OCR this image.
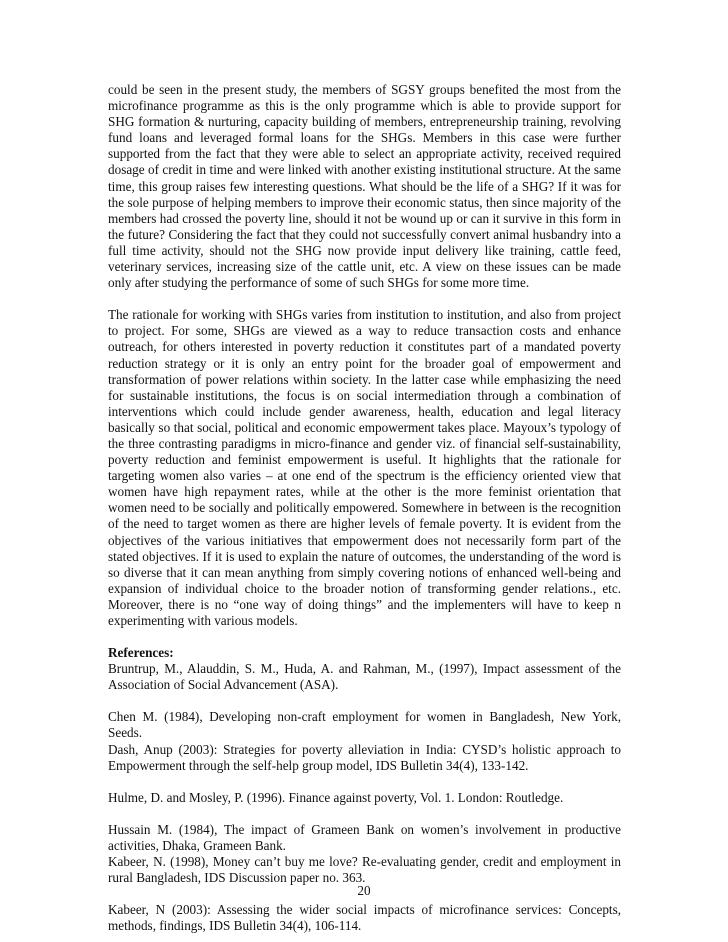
could be seen in the present study, the members of SGSY groups benefited the most from the microfinance programme as this is the only programme which is able to provide support for SHG formation & nurturing, capacity building of members, entrepreneurship training, revolving fund loans and leveraged formal loans for the SHGs. Members in this case were further supported from the fact that they were able to select an appropriate activity, received required dosage of credit in time and were linked with another existing institutional structure. At the same time, this group raises few interesting questions. What should be the life of a SHG? If it was for the sole purpose of helping members to improve their economic status, then since majority of the members had crossed the poverty line, should it not be wound up or can it survive in this form in the future? Considering the fact that they could not successfully convert animal husbandry into a full time activity, should not the SHG now provide input delivery like training, cattle feed, veterinary services, increasing size of the cattle unit, etc. A view on these issues can be made only after studying the performance of some of such SHGs for some more time.

The rationale for working with SHGs varies from institution to institution, and also from project to project. For some, SHGs are viewed as a way to reduce transaction costs and enhance outreach, for others interested in poverty reduction it constitutes part of a mandated poverty reduction strategy or it is only an entry point for the broader goal of empowerment and transformation of power relations within society. In the latter case while emphasizing the need for sustainable institutions, the focus is on social intermediation through a combination of interventions which could include gender awareness, health, education and legal literacy basically so that social, political and economic empowerment takes place. Mayoux’s typology of the three contrasting paradigms in micro-finance and gender viz. of financial self-sustainability, poverty reduction and feminist empowerment is useful. It highlights that the rationale for targeting women also varies – at one end of the spectrum is the efficiency oriented view that women have high repayment rates, while at the other is the more feminist orientation that women need to be socially and politically empowered. Somewhere in between is the recognition of the need to target women as there are higher levels of female poverty. It is evident from the objectives of the various initiatives that empowerment does not necessarily form part of the stated objectives. If it is used to explain the nature of outcomes, the understanding of the word is so diverse that it can mean anything from simply covering notions of enhanced well-being and expansion of individual choice to the broader notion of transforming gender relations., etc. Moreover, there is no “one way of doing things” and the implementers will have to keep n experimenting with various models.

References:

Bruntrup, M., Alauddin, S. M., Huda, A. and Rahman, M., (1997), Impact assessment of the Association of Social Advancement (ASA).

Chen M. (1984), Developing non-craft employment for women in Bangladesh, New York, Seeds.

Dash, Anup (2003): Strategies for poverty alleviation in India: CYSD’s holistic approach to Empowerment through the self-help group model, IDS Bulletin 34(4), 133-142.

Hulme, D. and Mosley, P. (1996). Finance against poverty, Vol. 1. London: Routledge.

Hussain M. (1984), The impact of Grameen Bank on women’s involvement in productive activities, Dhaka, Grameen Bank.

Kabeer, N. (1998), Money can’t buy me love? Re-evaluating gender, credit and employment in rural Bangladesh, IDS Discussion paper no. 363.

Kabeer, N (2003): Assessing the wider social impacts of microfinance services: Concepts, methods, findings, IDS Bulletin 34(4), 106-114.

20
